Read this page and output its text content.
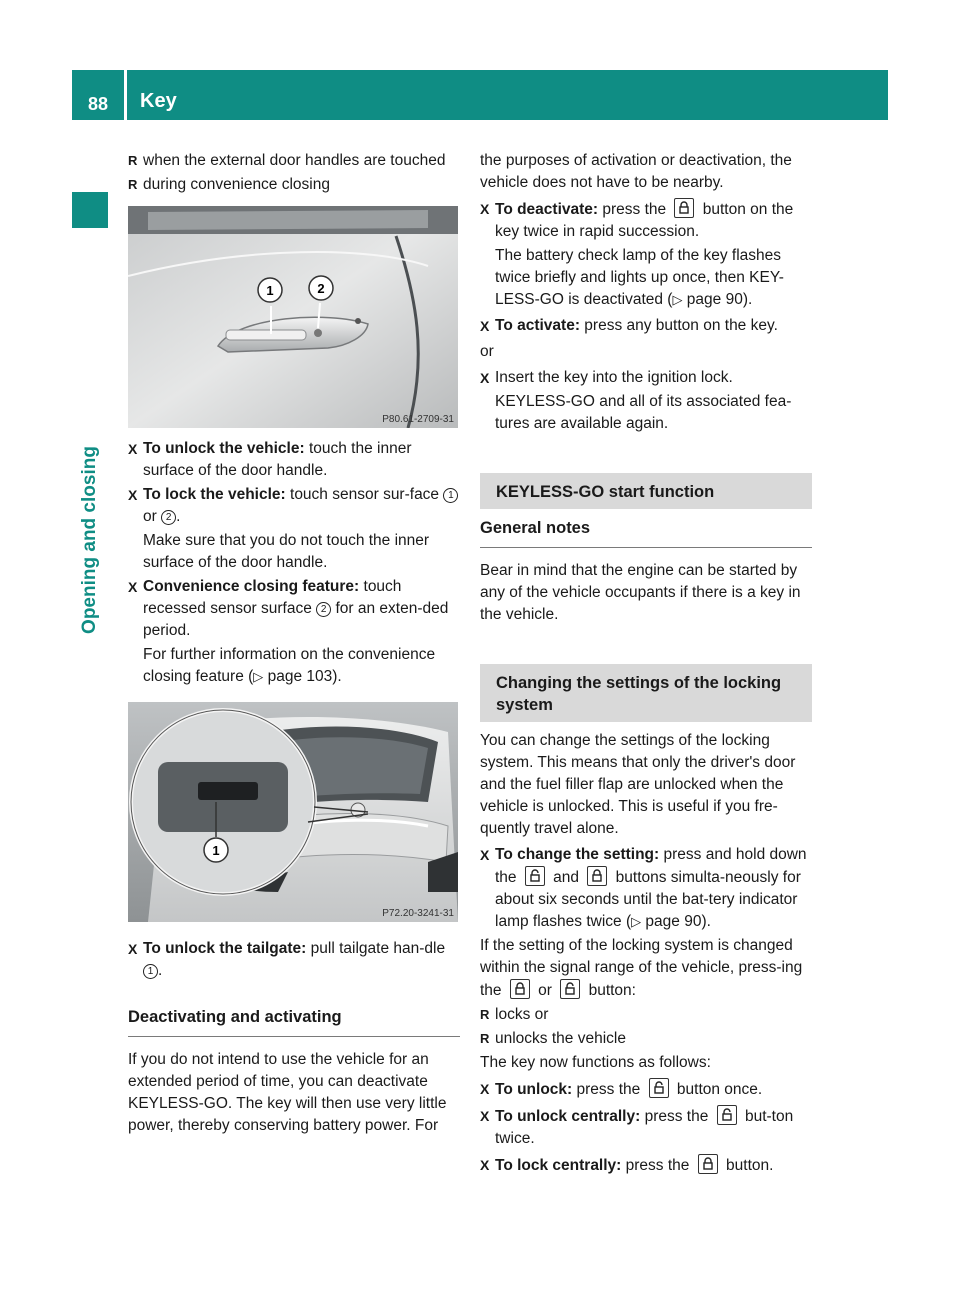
88	Key
Opening and closing
R when the external door handles are touched
R during convenience closing
1	2
P80.61-2709-31
X To unlock the vehicle: touch the inner surface of the door handle.
X To lock the vehicle: touch sensor sur-face 1 or 2 .
Make sure that you do not touch the inner surface of the door handle.
X Convenience closing feature: touch recessed sensor surface 2 for an exten-ded period.
For further information on the convenience closing feature (▷ page 103).
1
P72.20-3241-31
X To unlock the tailgate: pull tailgate han-dle 1 .
Deactivating and activating

If you do not intend to use the vehicle for an extended period of time, you can deactivate KEYLESS-GO. The key will then use very little power, thereby conserving battery power. For

the purposes of activation or deactivation, the vehicle does not have to be nearby.

X To deactivate: press the
button on the key twice in rapid succession.
The battery check lamp of the key flashes twice briefly and lights up once, then KEY-LESS-GO is deactivated (▷ page 90).
X To activate: press any button on the key.

or

X Insert the key into the ignition lock.
KEYLESS-GO and all of its associated fea-tures are available again.
KEYLESS-GO start function
General notes

Bear in mind that the engine can be started by any of the vehicle occupants if there is a key in the vehicle.

Changing the settings of the locking system

You can change the settings of the locking system. This means that only the driver's door and the fuel filler flap are unlocked when the vehicle is unlocked. This is useful if you fre-quently travel alone.

X To change the setting: press and hold down the
and
buttons simulta-neously for about six seconds until the bat-tery indicator lamp flashes twice (▷ page 90).

If the setting of the locking system is changed within the signal range of the vehicle, press-ing the
or
button:

R locks or
R unlocks the vehicle

The key now functions as follows:

X To unlock: press the
button once.
X To unlock centrally: press the
but-ton twice.
X To lock centrally: press the
button.
